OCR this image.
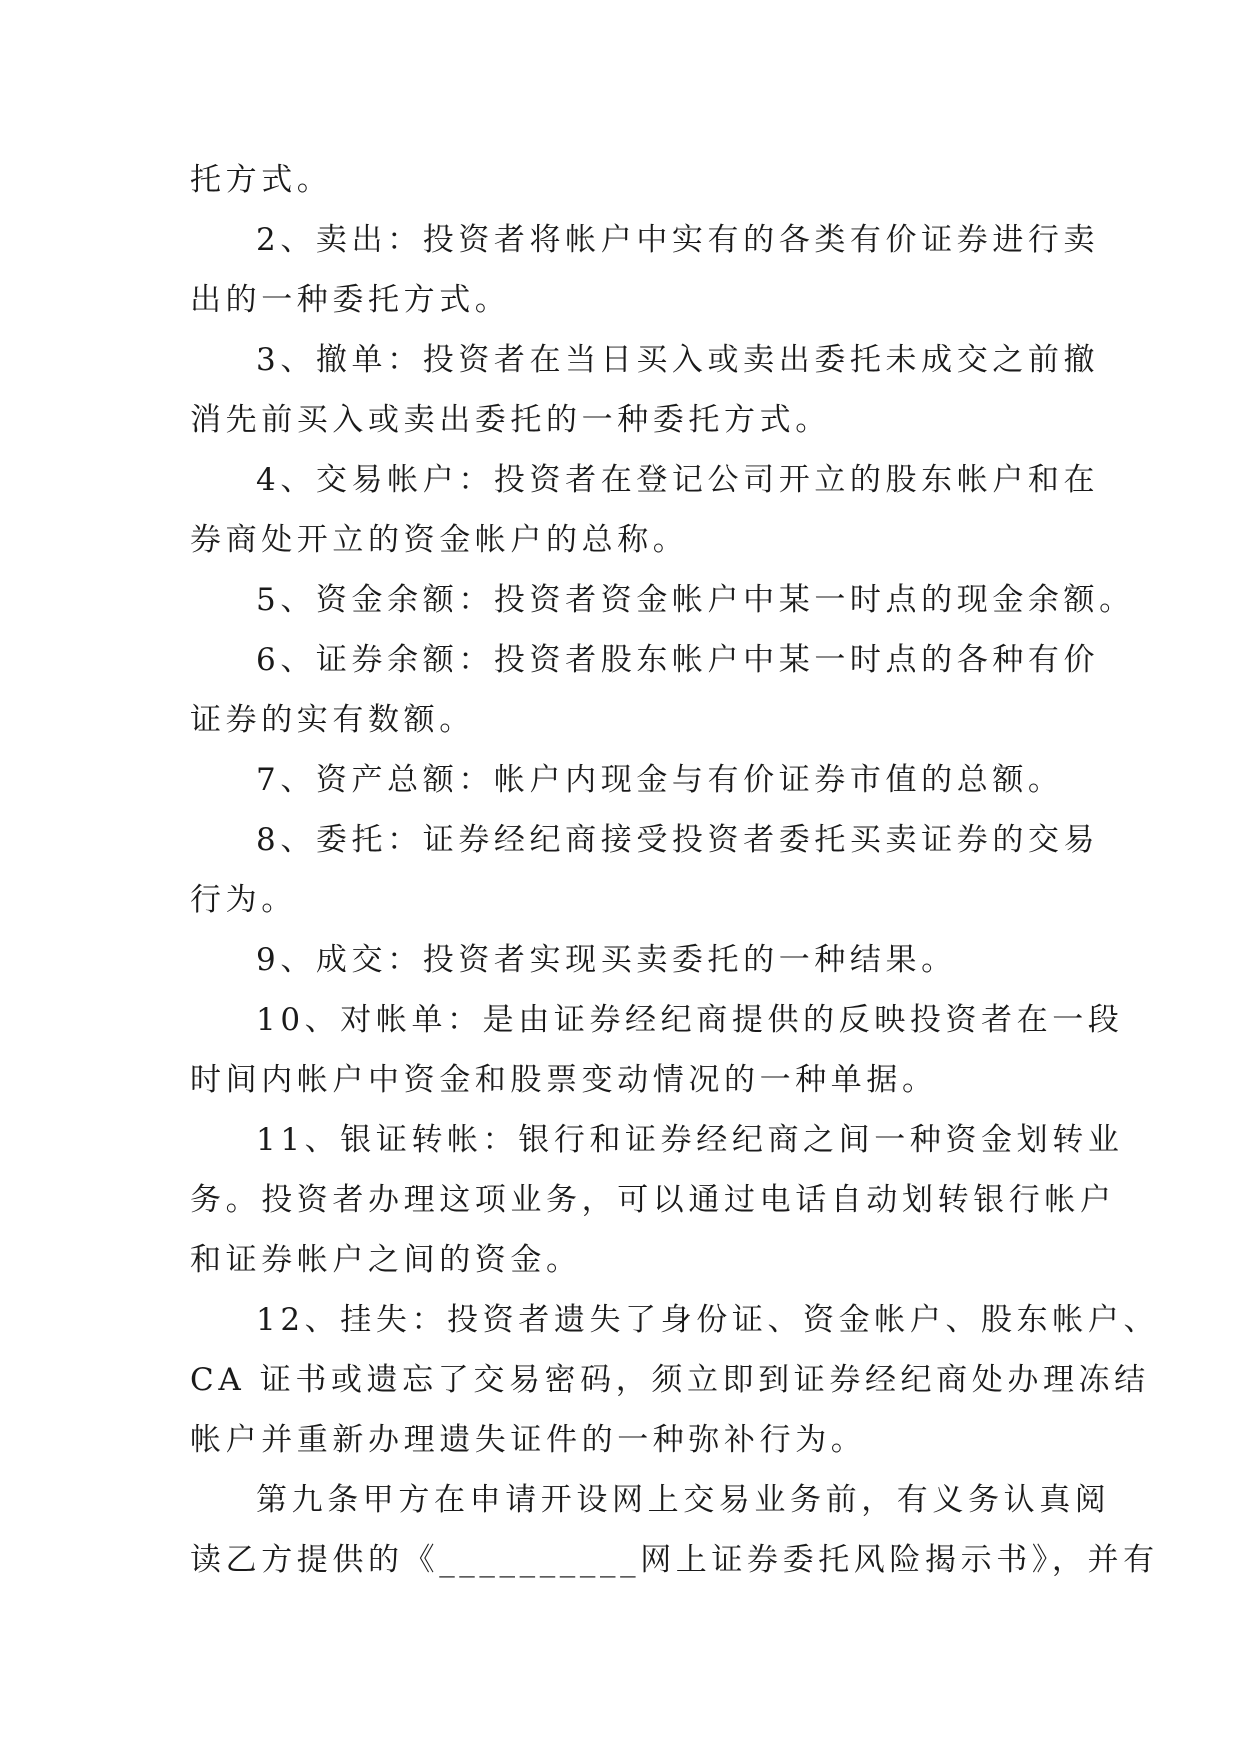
托方式。
2、卖出：投资者将帐户中实有的各类有价证券进行卖
出的一种委托方式。
3、撤单：投资者在当日买入或卖出委托未成交之前撤
消先前买入或卖出委托的一种委托方式。
4、交易帐户：投资者在登记公司开立的股东帐户和在
券商处开立的资金帐户的总称。
5、资金余额：投资者资金帐户中某一时点的现金余额。
6、证券余额：投资者股东帐户中某一时点的各种有价
证券的实有数额。
7、资产总额：帐户内现金与有价证券市值的总额。
8、委托：证券经纪商接受投资者委托买卖证券的交易
行为。
9、成交：投资者实现买卖委托的一种结果。
10、对帐单：是由证券经纪商提供的反映投资者在一段
时间内帐户中资金和股票变动情况的一种单据。
11、银证转帐：银行和证券经纪商之间一种资金划转业
务。投资者办理这项业务，可以通过电话自动划转银行帐户
和证券帐户之间的资金。
12、挂失：投资者遗失了身份证、资金帐户、股东帐户、
CA 证书或遗忘了交易密码，须立即到证券经纪商处办理冻结
帐户并重新办理遗失证件的一种弥补行为。
第九条甲方在申请开设网上交易业务前，有义务认真阅
读乙方提供的《__________网上证券委托风险揭示书》，并有
